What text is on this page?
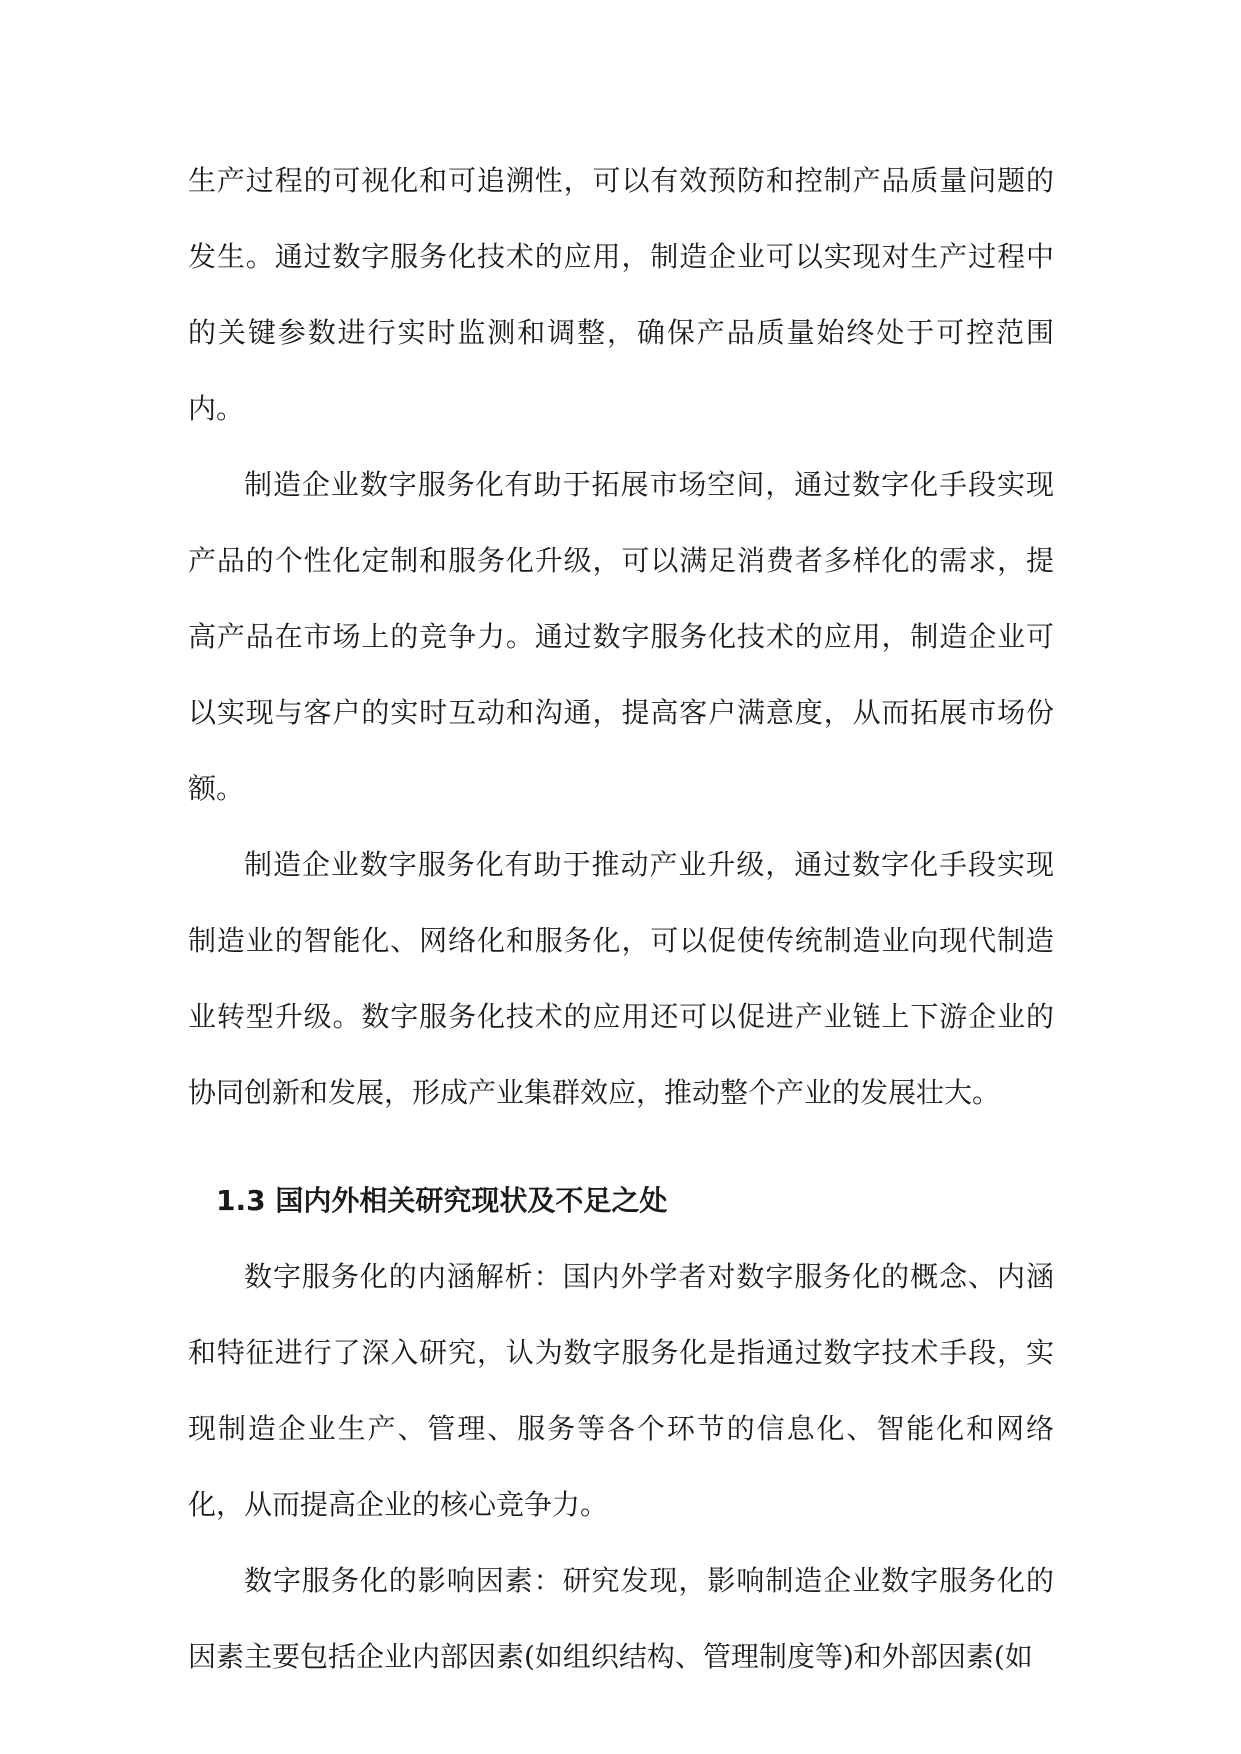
生产过程的可视化和可追溯性，可以有效预防和控制产品质量问题的发生。通过数字服务化技术的应用，制造企业可以实现对生产过程中的关键参数进行实时监测和调整，确保产品质量始终处于可控范围内。

制造企业数字服务化有助于拓展市场空间，通过数字化手段实现产品的个性化定制和服务化升级，可以满足消费者多样化的需求，提高产品在市场上的竞争力。通过数字服务化技术的应用，制造企业可以实现与客户的实时互动和沟通，提高客户满意度，从而拓展市场份额。

制造企业数字服务化有助于推动产业升级，通过数字化手段实现制造业的智能化、网络化和服务化，可以促使传统制造业向现代制造业转型升级。数字服务化技术的应用还可以促进产业链上下游企业的协同创新和发展，形成产业集群效应，推动整个产业的发展壮大。

1.3 国内外相关研究现状及不足之处

数字服务化的内涵解析：国内外学者对数字服务化的概念、内涵和特征进行了深入研究，认为数字服务化是指通过数字技术手段，实现制造企业生产、管理、服务等各个环节的信息化、智能化和网络化，从而提高企业的核心竞争力。

数字服务化的影响因素：研究发现，影响制造企业数字服务化的因素主要包括企业内部因素(如组织结构、管理制度等)和外部因素(如
